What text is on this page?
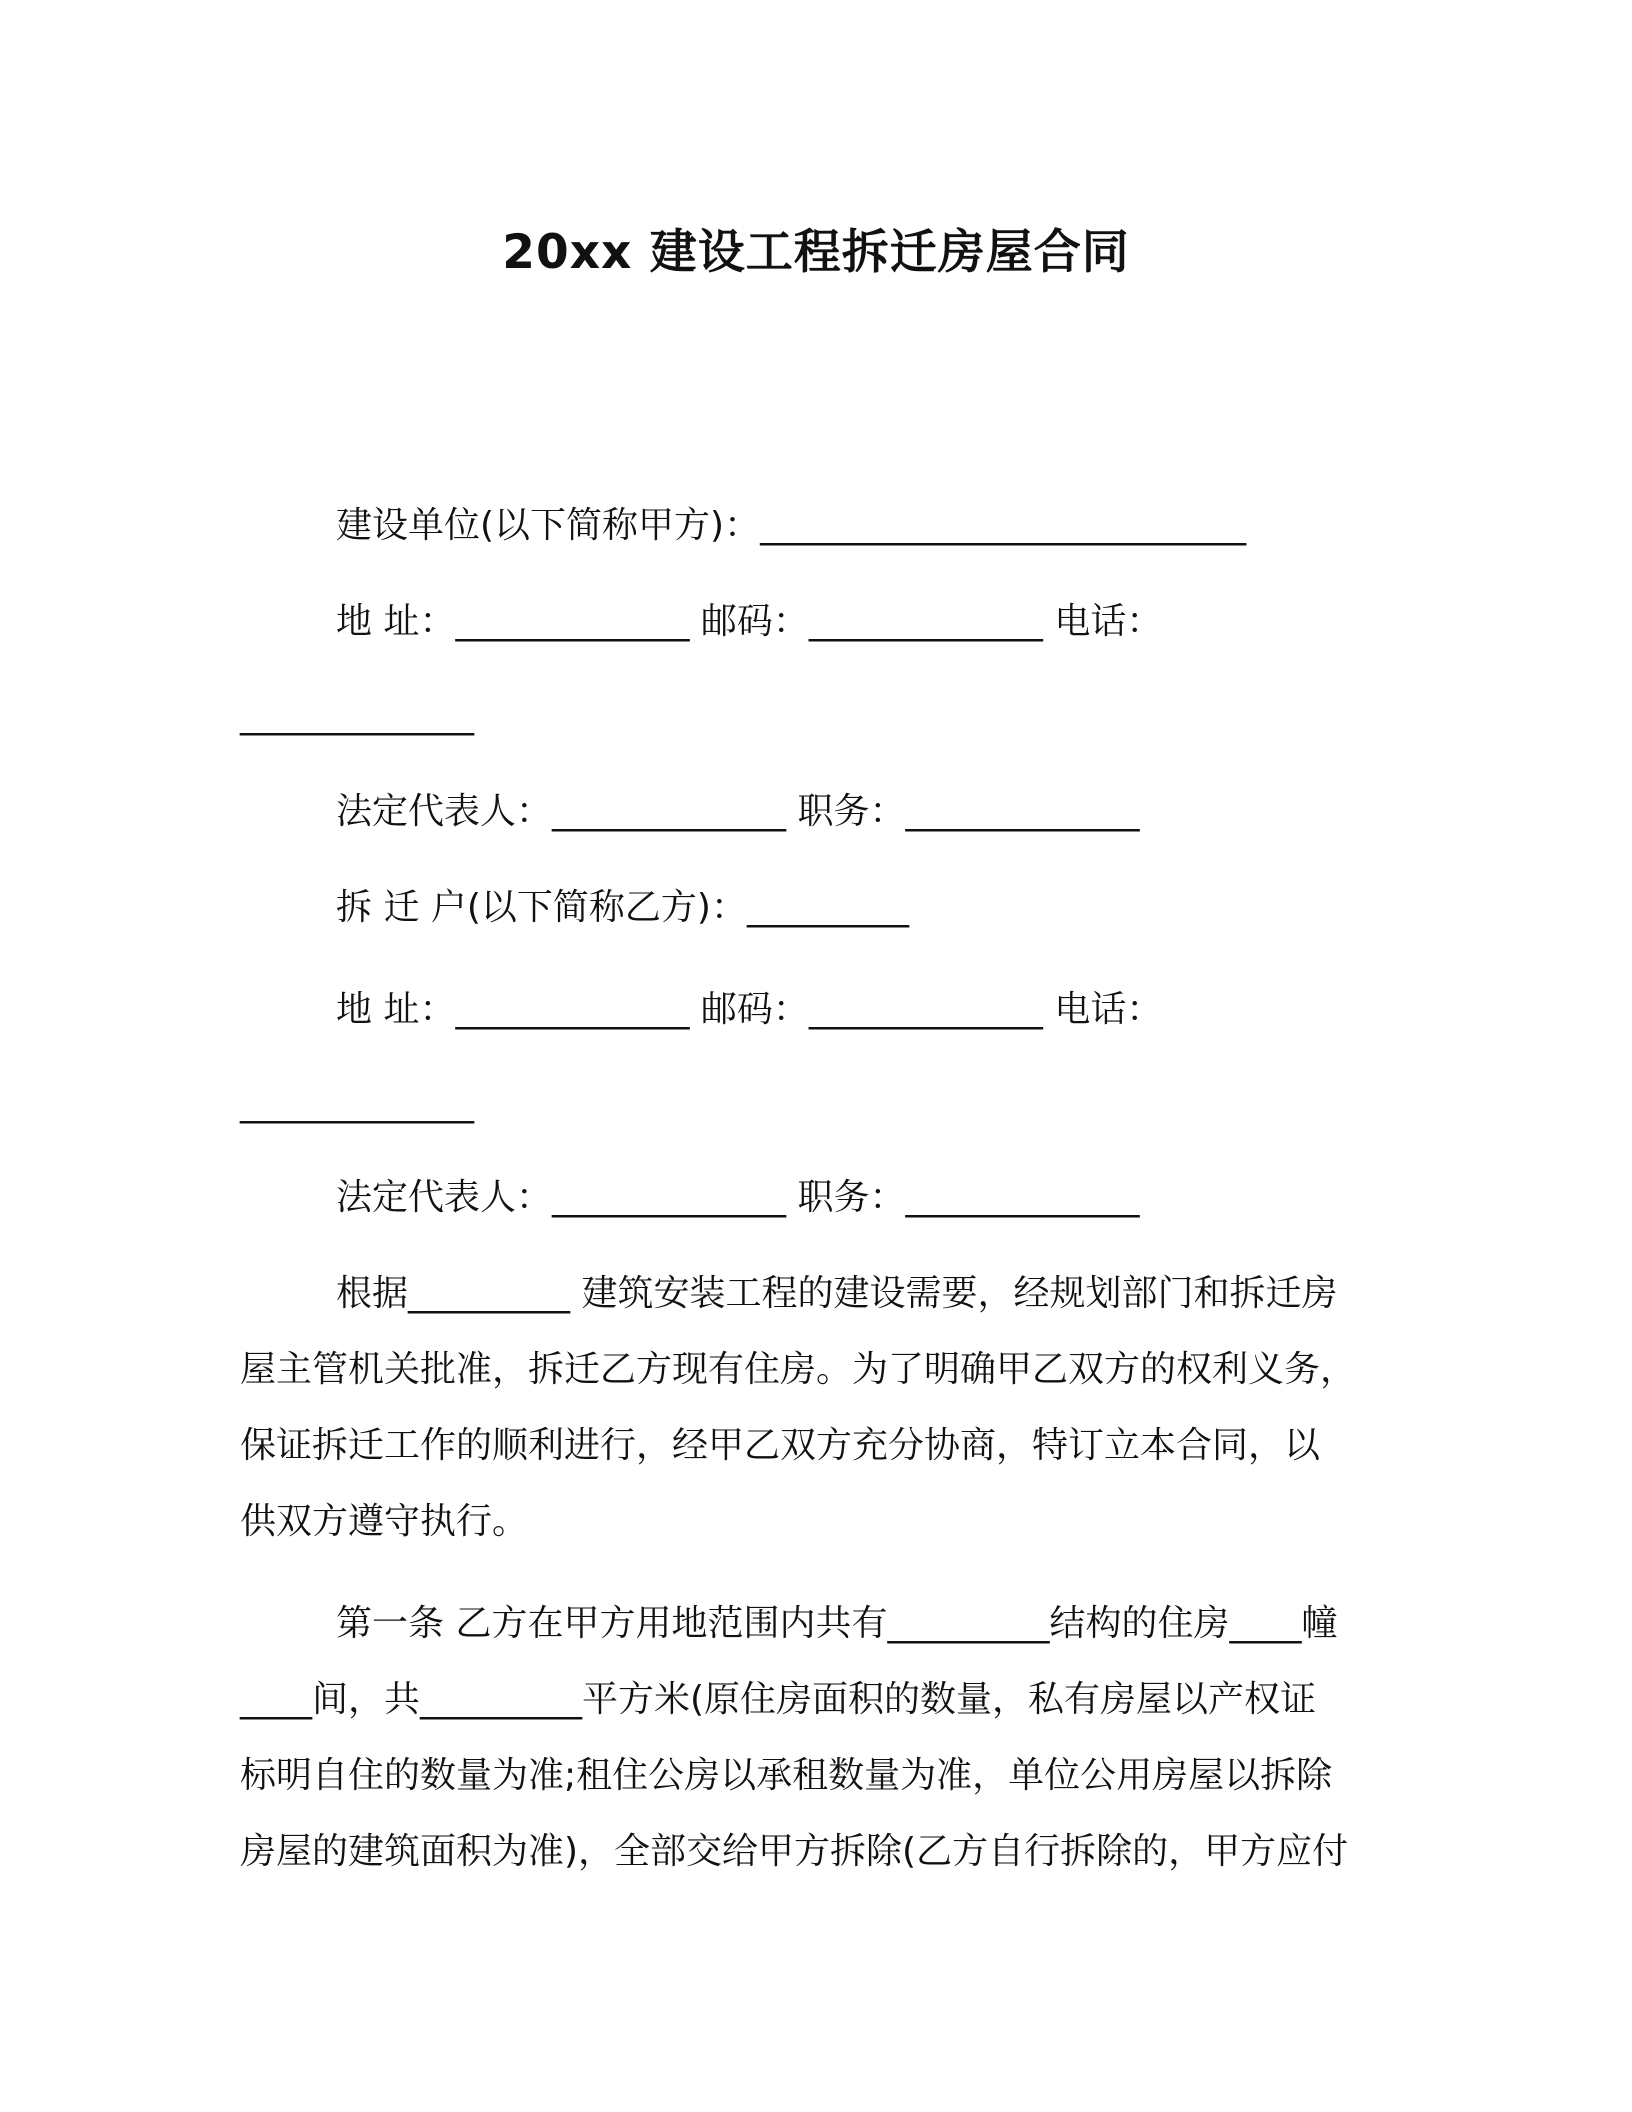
20xx 建设工程拆迁房屋合同
建设单位(以下简称甲方)：___________________________
地 址：_____________ 邮码：_____________ 电话：
_____________
法定代表人：_____________ 职务：_____________
拆 迁 户(以下简称乙方)：_________
地 址：_____________ 邮码：_____________ 电话：
_____________
法定代表人：_____________ 职务：_____________
根据_________ 建筑安装工程的建设需要，经规划部门和拆迁房
屋主管机关批准，拆迁乙方现有住房。为了明确甲乙双方的权利义务，
保证拆迁工作的顺利进行，经甲乙双方充分协商，特订立本合同，以
供双方遵守执行。
第一条 乙方在甲方用地范围内共有_________结构的住房____幢
____间，共_________平方米(原住房面积的数量，私有房屋以产权证
标明自住的数量为准;租住公房以承租数量为准，单位公用房屋以拆除
房屋的建筑面积为准)，全部交给甲方拆除(乙方自行拆除的，甲方应付
